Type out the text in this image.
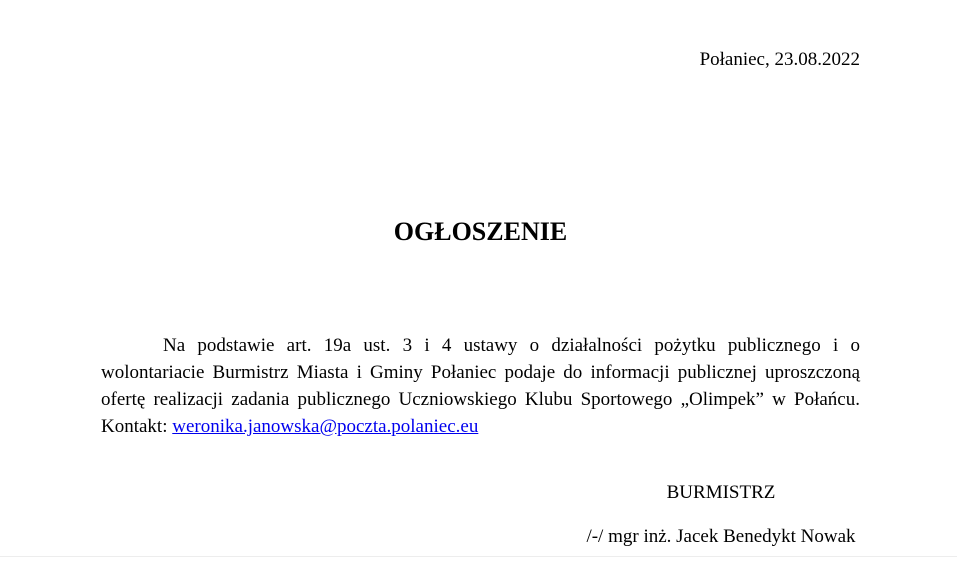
Połaniec, 23.08.2022
OGŁOSZENIE

Na podstawie art. 19a ust. 3 i 4 ustawy o działalności pożytku publicznego i o wolontariacie Burmistrz Miasta i Gminy Połaniec podaje do informacji publicznej uproszczoną ofertę realizacji zadania publicznego Uczniowskiego Klubu Sportowego „Olimpek” w Połańcu. Kontakt: weronika.janowska@poczta.polaniec.eu

BURMISTRZ
/-/ mgr inż. Jacek Benedykt Nowak
